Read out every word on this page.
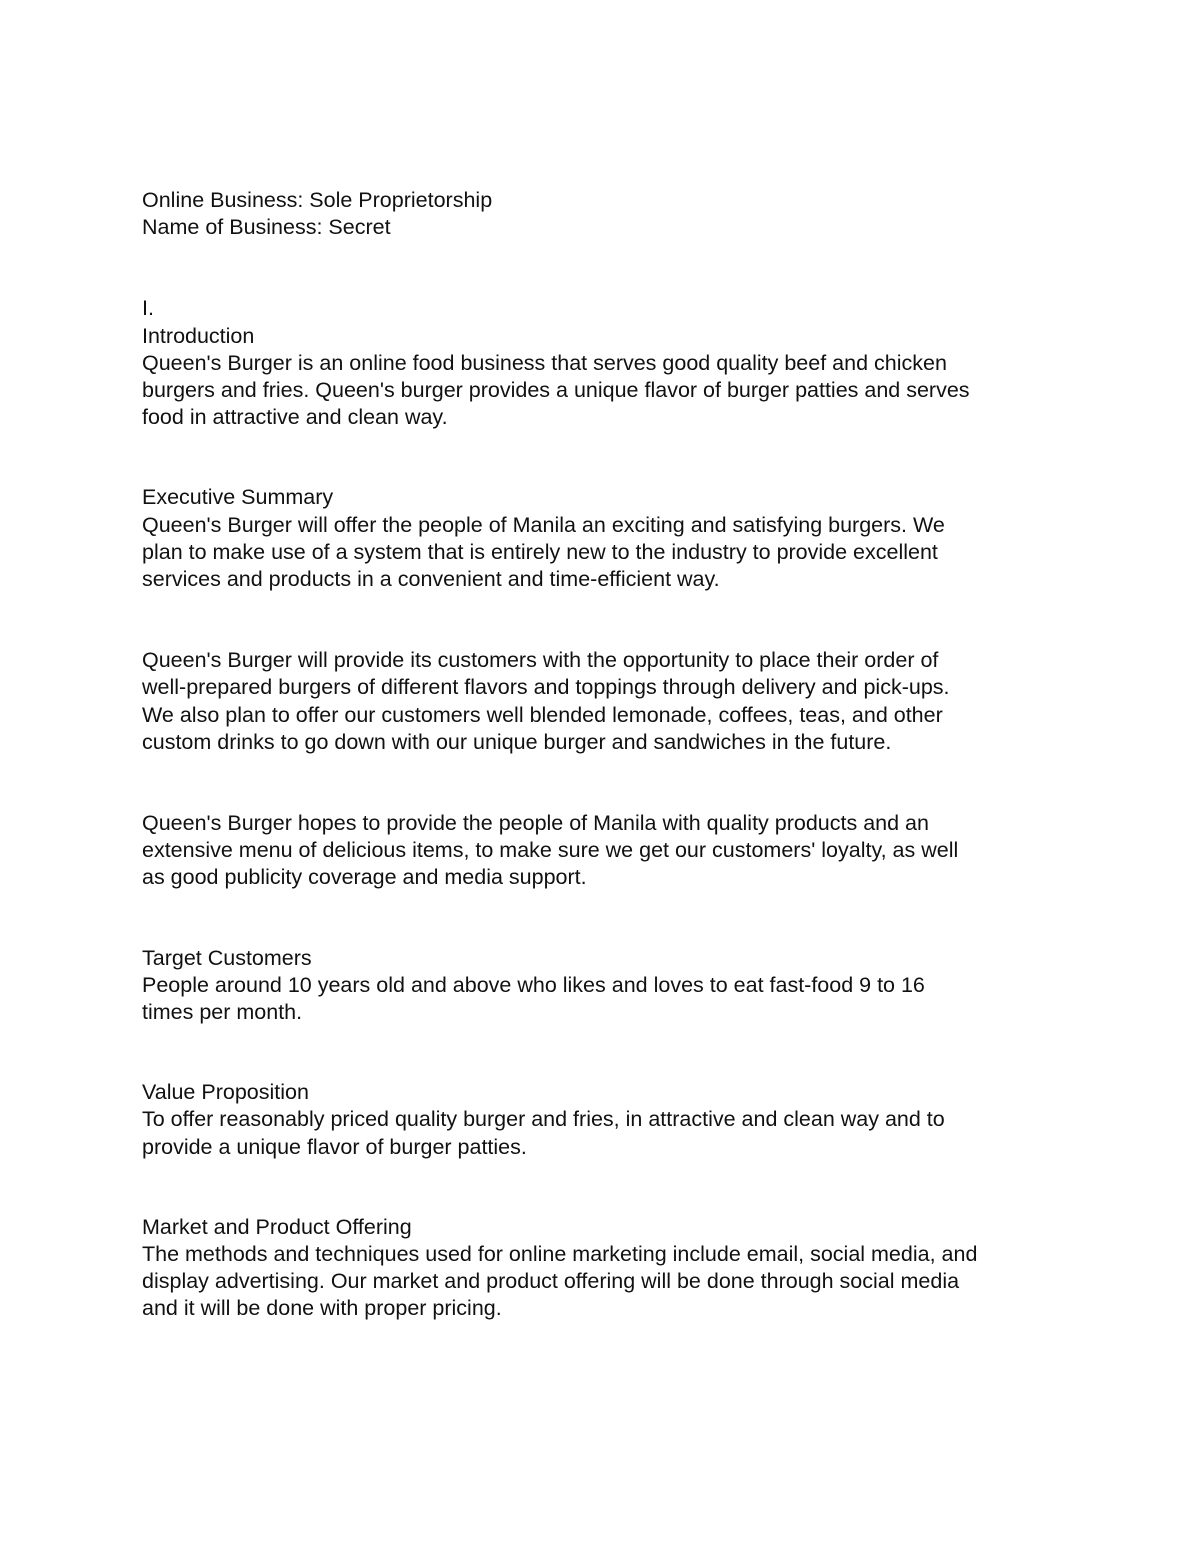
Online Business: Sole Proprietorship
Name of Business: Secret
I.
Introduction
Queen's Burger is an online food business that serves good quality beef and chicken
burgers and fries. Queen's burger provides a unique flavor of burger patties and serves
food in attractive and clean way.
Executive Summary
Queen's Burger will offer the people of Manila an exciting and satisfying burgers. We
plan to make use of a system that is entirely new to the industry to provide excellent
services and products in a convenient and time-efficient way.
Queen's Burger will provide its customers with the opportunity to place their order of
well-prepared burgers of different flavors and toppings through delivery and pick-ups.
We also plan to offer our customers well blended lemonade, coffees, teas, and other
custom drinks to go down with our unique burger and sandwiches in the future.
Queen's Burger hopes to provide the people of Manila with quality products and an
extensive menu of delicious items, to make sure we get our customers' loyalty, as well
as good publicity coverage and media support.
Target Customers
People around 10 years old and above who likes and loves to eat fast-food 9 to 16
times per month.
Value Proposition
To offer reasonably priced quality burger and fries, in attractive and clean way and to
provide a unique flavor of burger patties.
Market and Product Offering
The methods and techniques used for online marketing include email, social media, and
display advertising. Our market and product offering will be done through social media
and it will be done with proper pricing.
